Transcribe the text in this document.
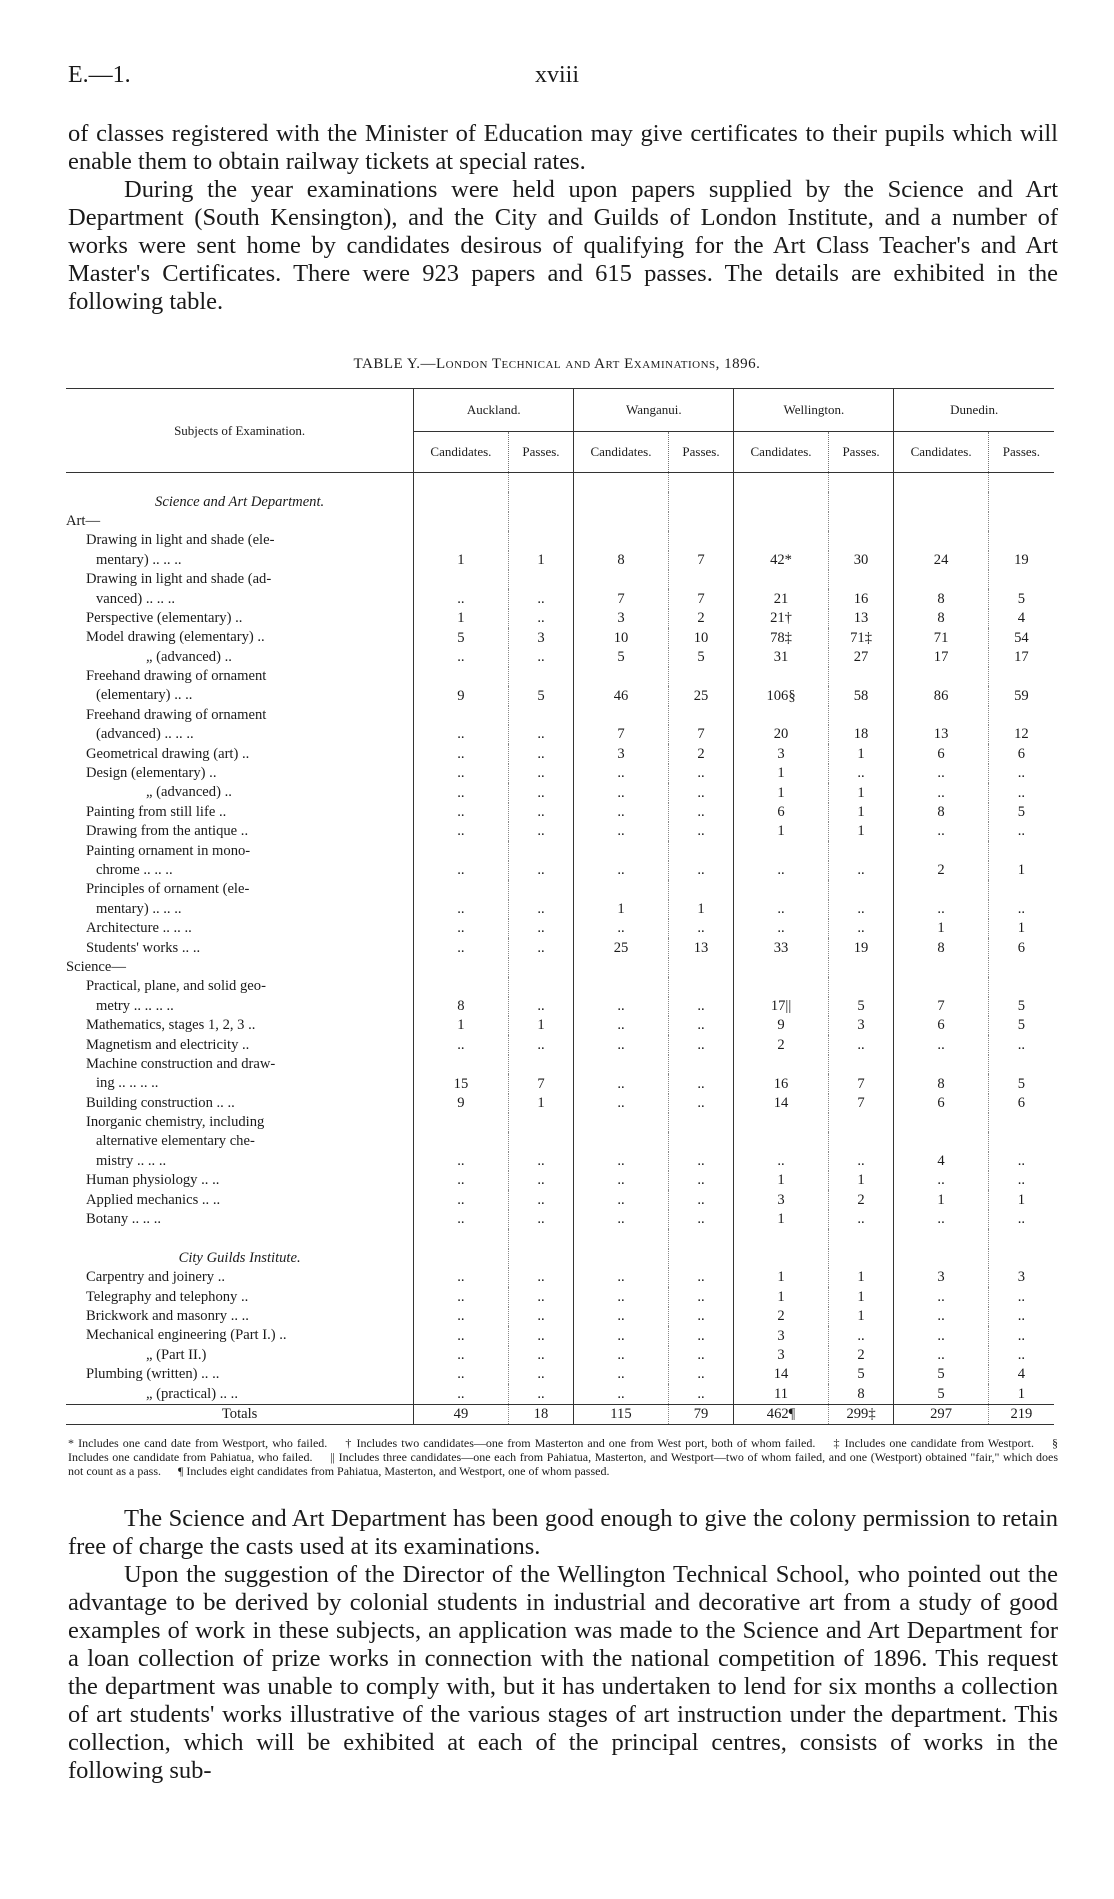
E.—1.	xviii

of classes registered with the Minister of Education may give certificates to their pupils which will enable them to obtain railway tickets at special rates.

During the year examinations were held upon papers supplied by the Science and Art Department (South Kensington), and the City and Guilds of London Institute, and a number of works were sent home by candidates desirous of qualifying for the Art Class Teacher's and Art Master's Certificates. There were 923 papers and 615 passes. The details are exhibited in the following table.

TABLE Y.—London Technical and Art Examinations, 1896.
Subjects of Examination.	Auckland.		Wanganui.		Wellington.		Dunedin.	
	Candidates.	Passes.	Candidates.	Passes.	Candidates.	Passes.	Candidates.	Passes.

Science and Art Department.								
Art—								
Drawing in light and shade (ele-								
mentary) .. .. ..	1	1	8	7	42*	30	24	19
Drawing in light and shade (ad-								
vanced) .. .. ..	..	..	7	7	21	16	8	5
Perspective (elementary) ..	1	..	3	2	21†	13	8	4
Model drawing (elementary) ..	5	3	10	10	78‡	71‡	71	54
„ (advanced) ..	..	..	5	5	31	27	17	17
Freehand drawing of ornament								
(elementary) .. ..	9	5	46	25	106§	58	86	59
Freehand drawing of ornament								
(advanced) .. .. ..	..	..	7	7	20	18	13	12
Geometrical drawing (art) ..	..	..	3	2	3	1	6	6
Design (elementary) ..	..	..	..	..	1	..	..	..
„ (advanced) ..	..	..	..	..	1	1	..	..
Painting from still life ..	..	..	..	..	6	1	8	5
Drawing from the antique ..	..	..	..	..	1	1	..	..
Painting ornament in mono-								
chrome .. .. ..	..	..	..	..	..	..	2	1
Principles of ornament (ele-								
mentary) .. .. ..	..	..	1	1	..	..	..	..
Architecture .. .. ..	..	..	..	..	..	..	1	1
Students' works .. ..	..	..	25	13	33	19	8	6
Science—								
Practical, plane, and solid geo-								
metry .. .. .. ..	8	..	..	..	17||	5	7	5
Mathematics, stages 1, 2, 3 ..	1	1	..	..	9	3	6	5
Magnetism and electricity ..	..	..	..	..	2	..	..	..
Machine construction and draw-								
ing .. .. .. ..	15	7	..	..	16	7	8	5
Building construction .. ..	9	1	..	..	14	7	6	6
Inorganic chemistry, including								
alternative elementary che-								
mistry .. .. ..	..	..	..	..	..	..	4	..
Human physiology .. ..	..	..	..	..	1	1	..	..
Applied mechanics .. ..	..	..	..	..	3	2	1	1
Botany .. .. ..	..	..	..	..	1	..	..	..

City Guilds Institute.								
Carpentry and joinery ..	..	..	..	..	1	1	3	3
Telegraphy and telephony ..	..	..	..	..	1	1	..	..
Brickwork and masonry .. ..	..	..	..	..	2	1	..	..
Mechanical engineering (Part I.) ..	..	..	..	..	3	..	..	..
„ (Part II.)	..	..	..	..	3	2	..	..
Plumbing (written) .. ..	..	..	..	..	14	5	5	4
„ (practical) .. ..	..	..	..	..	11	8	5	1
Totals	49	18	115	79	462¶	299‡	297	219

* Includes one cand date from Westport, who failed. † Includes two candidates—one from Masterton and one from West port, both of whom failed. ‡ Includes one candidate from Westport. § Includes one candidate from Pahiatua, who failed. || Includes three candidates—one each from Pahiatua, Masterton, and Westport—two of whom failed, and one (Westport) obtained "fair," which does not count as a pass. ¶ Includes eight candidates from Pahiatua, Masterton, and Westport, one of whom passed.

The Science and Art Department has been good enough to give the colony permission to retain free of charge the casts used at its examinations.

Upon the suggestion of the Director of the Wellington Technical School, who pointed out the advantage to be derived by colonial students in industrial and decorative art from a study of good examples of work in these subjects, an application was made to the Science and Art Department for a loan collection of prize works in connection with the national competition of 1896. This request the department was unable to comply with, but it has undertaken to lend for six months a collection of art students' works illustrative of the various stages of art instruction under the department. This collection, which will be exhibited at each of the principal centres, consists of works in the following sub-
